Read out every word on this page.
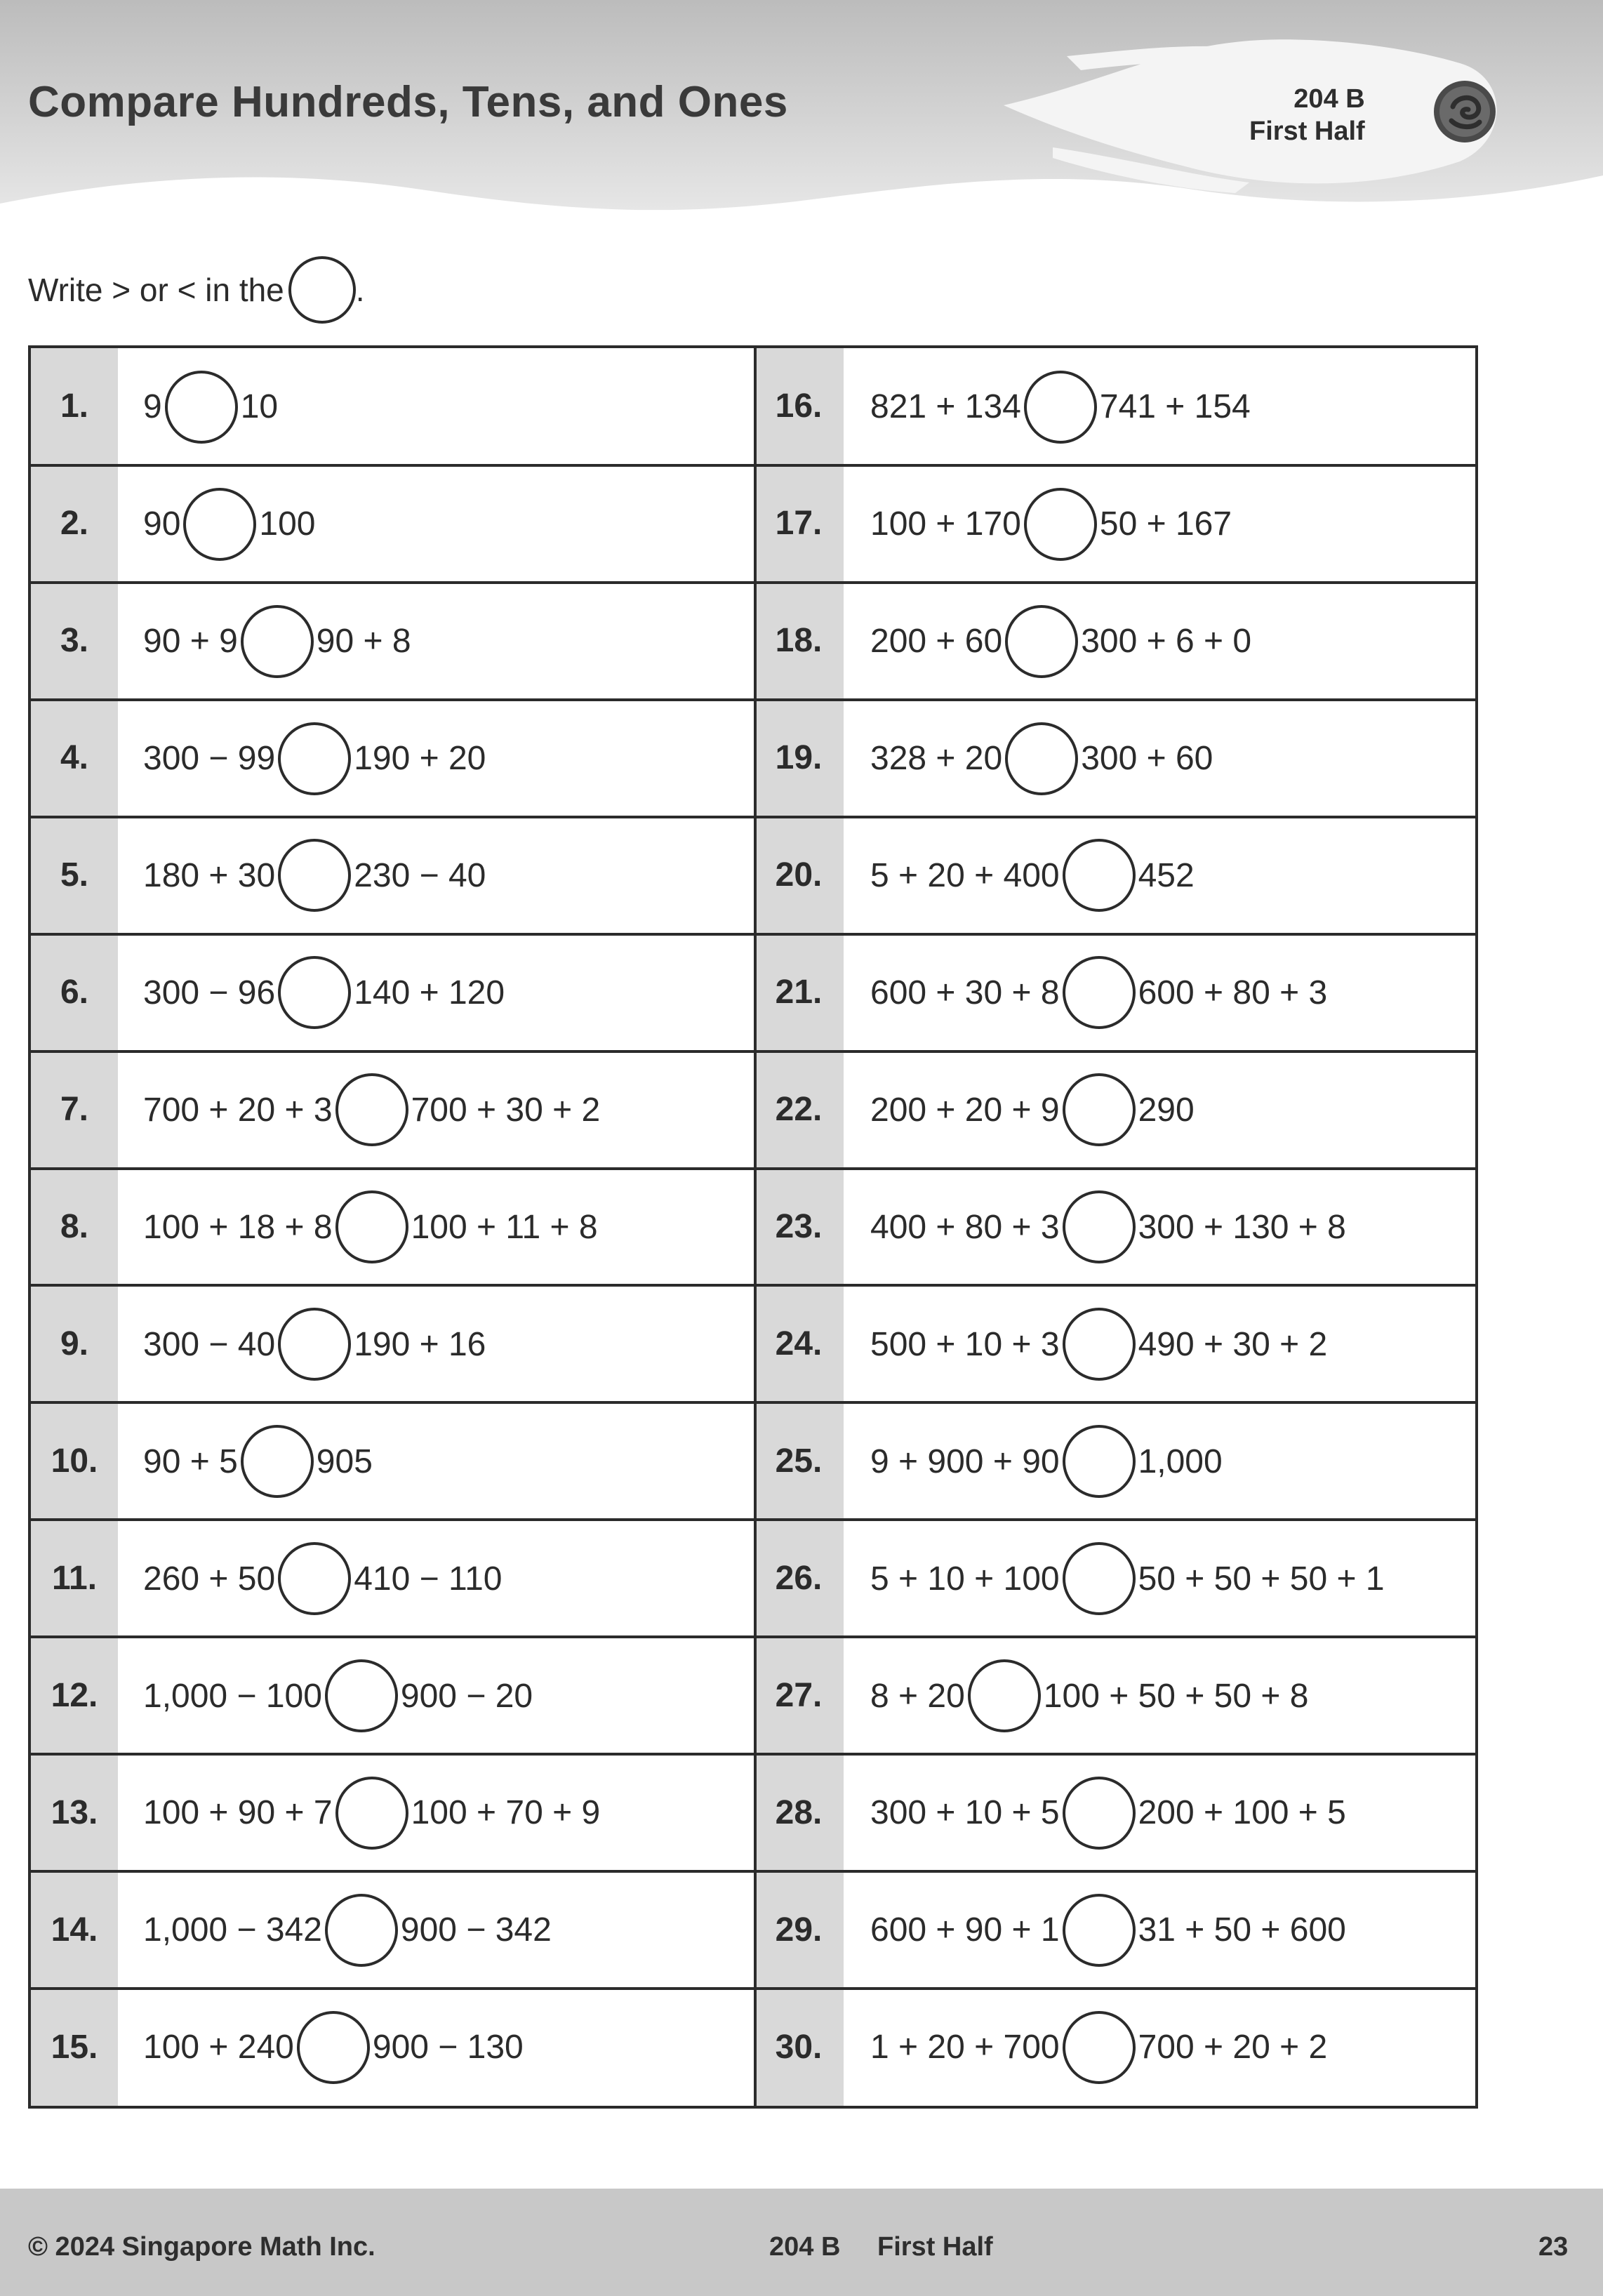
Compare Hundreds, Tens, and Ones	204 B
First Half
Write > or < in the .
1.	9 10
2.	90 100
3.	90 + 9 90 + 8
4.	300 − 99 190 + 20
5.	180 + 30 230 − 40
6.	300 − 96 140 + 120
7.	700 + 20 + 3 700 + 30 + 2
8.	100 + 18 + 8 100 + 11 + 8
9.	300 − 40 190 + 16
10.	90 + 5 905
11.	260 + 50 410 − 110
12.	1,000 − 100 900 − 20
13.	100 + 90 + 7 100 + 70 + 9
14.	1,000 − 342 900 − 342
15.	100 + 240 900 − 130
16.	821 + 134 741 + 154
17.	100 + 170 50 + 167
18.	200 + 60 300 + 6 + 0
19.	328 + 20 300 + 60
20.	5 + 20 + 400 452
21.	600 + 30 + 8 600 + 80 + 3
22.	200 + 20 + 9 290
23.	400 + 80 + 3 300 + 130 + 8
24.	500 + 10 + 3 490 + 30 + 2
25.	9 + 900 + 90 1,000
26.	5 + 10 + 100 50 + 50 + 50 + 1
27.	8 + 20 100 + 50 + 50 + 8
28.	300 + 10 + 5 200 + 100 + 5
29.	600 + 90 + 1 31 + 50 + 600
30.	1 + 20 + 700 700 + 20 + 2
© 2024 Singapore Math Inc.	204 B First Half	23
